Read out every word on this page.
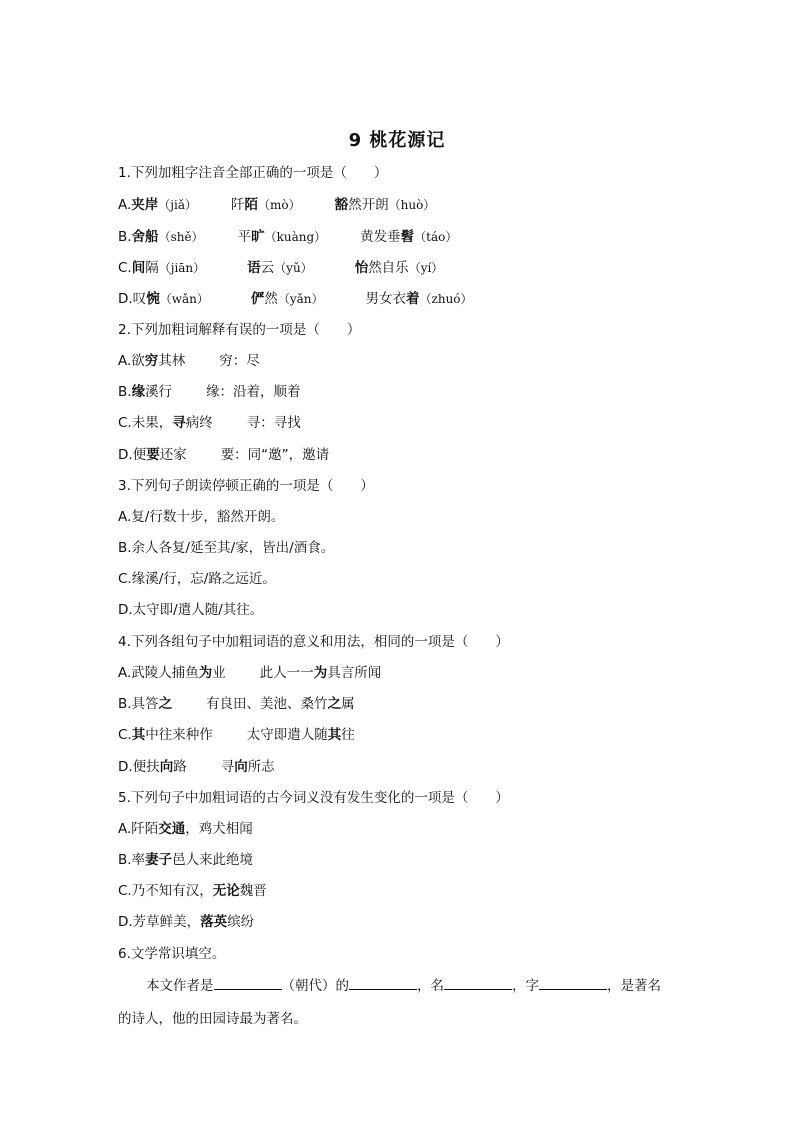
9 桃花源记
1.下列加粗字注音全部正确的一项是（　　）
A.夹岸（jiǎ）	阡陌（mò）	豁然开朗（huò）
B.舍船（shě）	平旷（kuàng）	黄发垂髫（táo）
C.间隔（jiān）	语云（yǔ）	怡然自乐（yí）
D.叹惋（wǎn）	俨然（yǎn）	男女衣着（zhuó）
2.下列加粗词解释有误的一项是（　　）
A.欲穷其林	穷：尽
B.缘溪行	缘：沿着，顺着
C.未果，寻病终	寻：寻找
D.便要还家	要：同“邀”，邀请
3.下列句子朗读停顿正确的一项是（　　）
A.复/行数十步，豁然开朗。
B.余人各复/延至其/家，皆出/酒食。
C.缘溪/行，忘/路之远近。
D.太守即/遣人随/其往。
4.下列各组句子中加粗词语的意义和用法，相同的一项是（　　）
A.武陵人捕鱼为业	此人一一为具言所闻
B.具答之	有良田、美池、桑竹之属
C.其中往来种作	太守即遣人随其往
D.便扶向路	寻向所志
5.下列句子中加粗词语的古今词义没有发生变化的一项是（　　）
A.阡陌交通，鸡犬相闻
B.率妻子邑人来此绝境
C.乃不知有汉，无论魏晋
D.芳草鲜美，落英缤纷
6.文学常识填空。
本文作者是	（朝代）的	，名	，字	，是著名
的诗人，他的田园诗最为著名。
